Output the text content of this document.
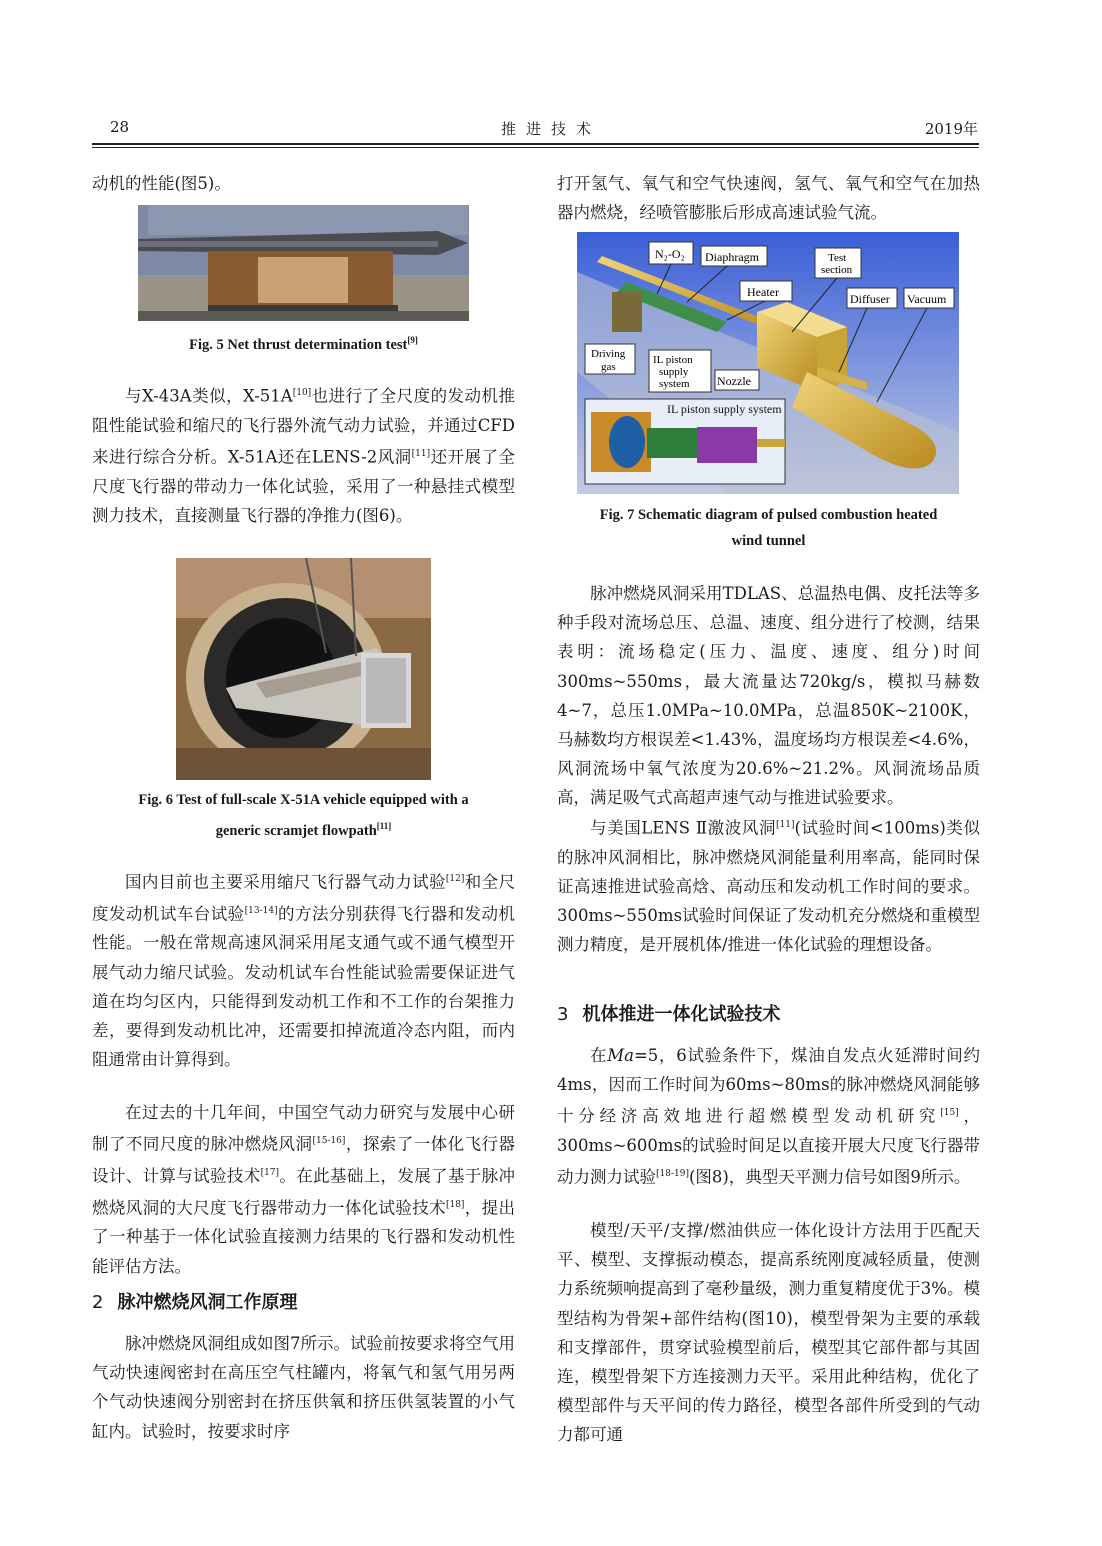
28	推进技术	2019年

动机的性能(图5)。

Fig. 5 Net thrust determination test[9]

与X-43A类似，X-51A[10]也进行了全尺度的发动机推阻性能试验和缩尺的飞行器外流气动力试验，并通过CFD来进行综合分析。X-51A还在LENS-2风洞[11]还开展了全尺度飞行器的带动力一体化试验，采用了一种悬挂式模型测力技术，直接测量飞行器的净推力(图6)。

Fig. 6 Test of full-scale X-51A vehicle equipped with a
generic scramjet flowpath[11]

国内目前也主要采用缩尺飞行器气动力试验[12]和全尺度发动机试车台试验[13-14]的方法分别获得飞行器和发动机性能。一般在常规高速风洞采用尾支通气或不通气模型开展气动力缩尺试验。发动机试车台性能试验需要保证进气道在均匀区内，只能得到发动机工作和不工作的台架推力差，要得到发动机比冲，还需要扣掉流道冷态内阻，而内阻通常由计算得到。

在过去的十几年间，中国空气动力研究与发展中心研制了不同尺度的脉冲燃烧风洞[15-16]，探索了一体化飞行器设计、计算与试验技术[17]。在此基础上，发展了基于脉冲燃烧风洞的大尺度飞行器带动力一体化试验技术[18]，提出了一种基于一体化试验直接测力结果的飞行器和发动机性能评估方法。

2 脉冲燃烧风洞工作原理

脉冲燃烧风洞组成如图7所示。试验前按要求将空气用气动快速阀密封在高压空气柱罐内，将氧气和氢气用另两个气动快速阀分别密封在挤压供氧和挤压供氢装置的小气缸内。试验时，按要求时序

打开氢气、氧气和空气快速阀，氢气、氧气和空气在加热器内燃烧，经喷管膨胀后形成高速试验气流。

N₂-O₂ Diaphragm	Test
section
Heater	Diffuser Vacuum
Driving
gas
IL piston
supply
system Nozzle
IL piston supply system
Fig. 7 Schematic diagram of pulsed combustion heated
wind tunnel

脉冲燃烧风洞采用TDLAS、总温热电偶、皮托法等多种手段对流场总压、总温、速度、组分进行了校测，结果表明：流场稳定(压力、温度、速度、组分)时间300ms~550ms，最大流量达720kg/s，模拟马赫数4~7，总压1.0MPa~10.0MPa，总温850K~2100K，马赫数均方根误差<1.43%，温度场均方根误差<4.6%，风洞流场中氧气浓度为20.6%~21.2%。风洞流场品质高，满足吸气式高超声速气动与推进试验要求。

与美国LENS Ⅱ激波风洞[11](试验时间<100ms)类似的脉冲风洞相比，脉冲燃烧风洞能量利用率高，能同时保证高速推进试验高焓、高动压和发动机工作时间的要求。300ms~550ms试验时间保证了发动机充分燃烧和重模型测力精度，是开展机体/推进一体化试验的理想设备。

3 机体推进一体化试验技术

在Ma=5，6试验条件下，煤油自发点火延滞时间约4ms，因而工作时间为60ms~80ms的脉冲燃烧风洞能够十分经济高效地进行超燃模型发动机研究[15]，300ms~600ms的试验时间足以直接开展大尺度飞行器带动力测力试验[18-19](图8)，典型天平测力信号如图9所示。

模型/天平/支撑/燃油供应一体化设计方法用于匹配天平、模型、支撑振动模态，提高系统刚度减轻质量，使测力系统频响提高到了毫秒量级，测力重复精度优于3%。模型结构为骨架+部件结构(图10)，模型骨架为主要的承载和支撑部件，贯穿试验模型前后，模型其它部件都与其固连，模型骨架下方连接测力天平。采用此种结构，优化了模型部件与天平间的传力路径，模型各部件所受到的气动力都可通
